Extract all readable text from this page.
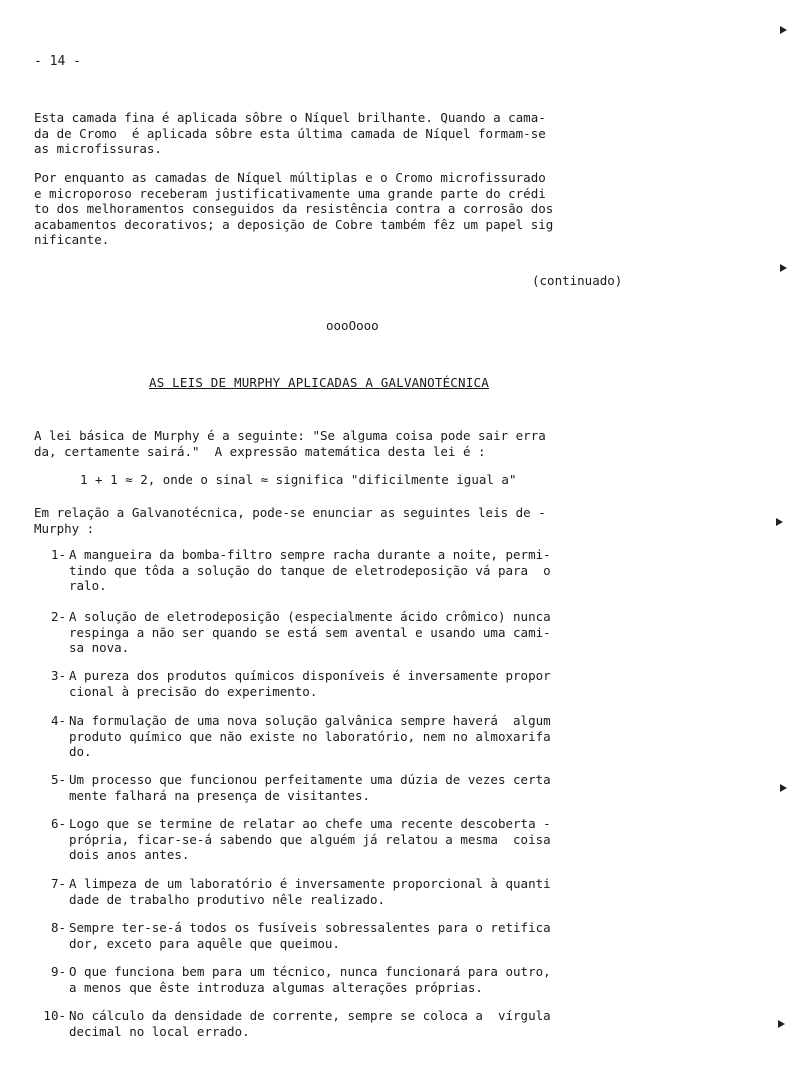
- 14 -
Esta camada fina é aplicada sôbre o Níquel brilhante. Quando a cama-
da de Cromo  é aplicada sôbre esta última camada de Níquel formam-se
as microfissuras.
Por enquanto as camadas de Níquel múltiplas e o Cromo microfissurado
e microporoso receberam justificativamente uma grande parte do crédi
to dos melhoramentos conseguidos da resistência contra a corrosão dos
acabamentos decorativos; a deposição de Cobre também fêz um papel sig
nificante.
(continuado)
oooOooo
AS LEIS DE MURPHY APLICADAS A GALVANOTÉCNICA
A lei básica de Murphy é a seguinte: "Se alguma coisa pode sair erra
da, certamente sairá."  A expressão matemática desta lei é :
1 + 1 ≈ 2, onde o sinal ≈ significa "dificilmente igual a"
Em relação a Galvanotécnica, pode-se enunciar as seguintes leis de -
Murphy :
1- A mangueira da bomba-filtro sempre racha durante a noite, permi-
tindo que tôda a solução do tanque de eletrodeposição vá para  o
ralo.
2- A solução de eletrodeposição (especialmente ácido crômico) nunca
respinga a não ser quando se está sem avental e usando uma cami-
sa nova.
3- A pureza dos produtos químicos disponíveis é inversamente propor
cional à precisão do experimento.
4- Na formulação de uma nova solução galvânica sempre haverá  algum
produto químico que não existe no laboratório, nem no almoxarifa
do.
5- Um processo que funcionou perfeitamente uma dúzia de vezes certa
mente falhará na presença de visitantes.
6- Logo que se termine de relatar ao chefe uma recente descoberta -
própria, ficar-se-á sabendo que alguém já relatou a mesma  coisa
dois anos antes.
7- A limpeza de um laboratório é inversamente proporcional à quanti
dade de trabalho produtivo nêle realizado.
8- Sempre ter-se-á todos os fusíveis sobressalentes para o retifica
dor, exceto para aquêle que queimou.
9- O que funciona bem para um técnico, nunca funcionará para outro,
a menos que êste introduza algumas alterações próprias.
10- No cálculo da densidade de corrente, sempre se coloca a  vírgula
decimal no local errado.
